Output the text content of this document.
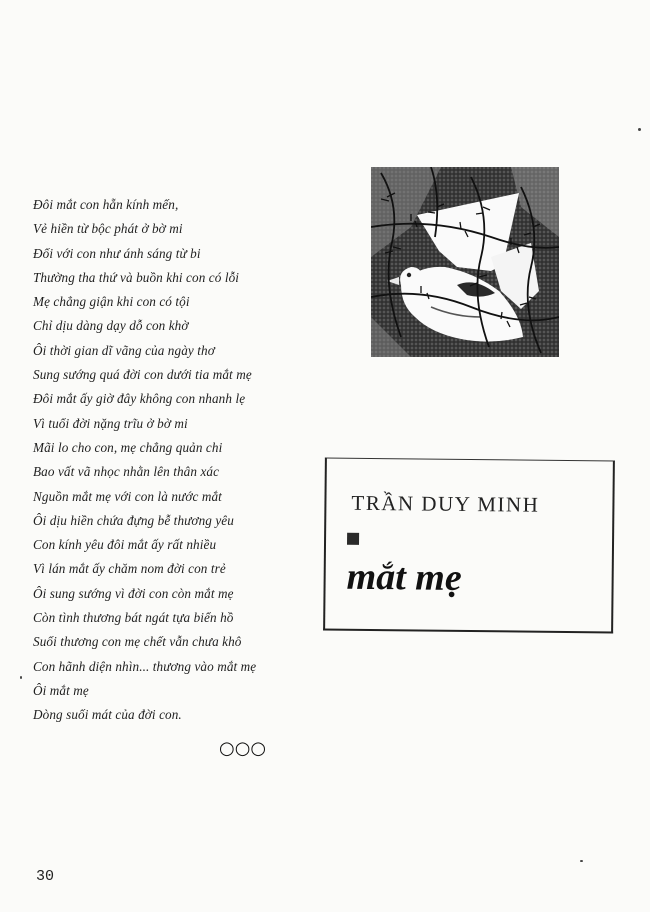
Đôi mắt con hẵn kính mến,
Vẻ hiền từ bộc phát ở bờ mi
Đối với con như ánh sáng từ bi
Thường tha thứ và buồn khi con có lỗi
Mẹ chẳng giận khi con có tội
Chỉ dịu dàng dạy dỗ con khờ
Ôi thời gian dĩ vãng của ngày thơ
Sung sướng quá đời con dưới tia mắt mẹ
Đôi mắt ấy giờ đây không con nhanh lẹ
Vì tuổi đời nặng trĩu ở bờ mi
Mãi lo cho con, mẹ chẳng quản chi
Bao vất vã nhọc nhằn lên thân xác
Nguồn mắt mẹ với con là nước mắt
Ôi dịu hiền chứa đựng bễ thương yêu
Con kính yêu đôi mắt ấy rất nhiều
Vì lán mắt ấy chăm nom đời con trẻ
Ôi sung sướng vì đời con còn mắt mẹ
Còn tình thương bát ngát tựa biển hồ
Suối thương con mẹ chết vẫn chưa khô
Con hãnh diện nhìn... thương vào mắt mẹ
Ôi mắt mẹ
Dòng suối mát của đời con.
○○○
TRẦN DUY MINH
mắt mẹ
30
